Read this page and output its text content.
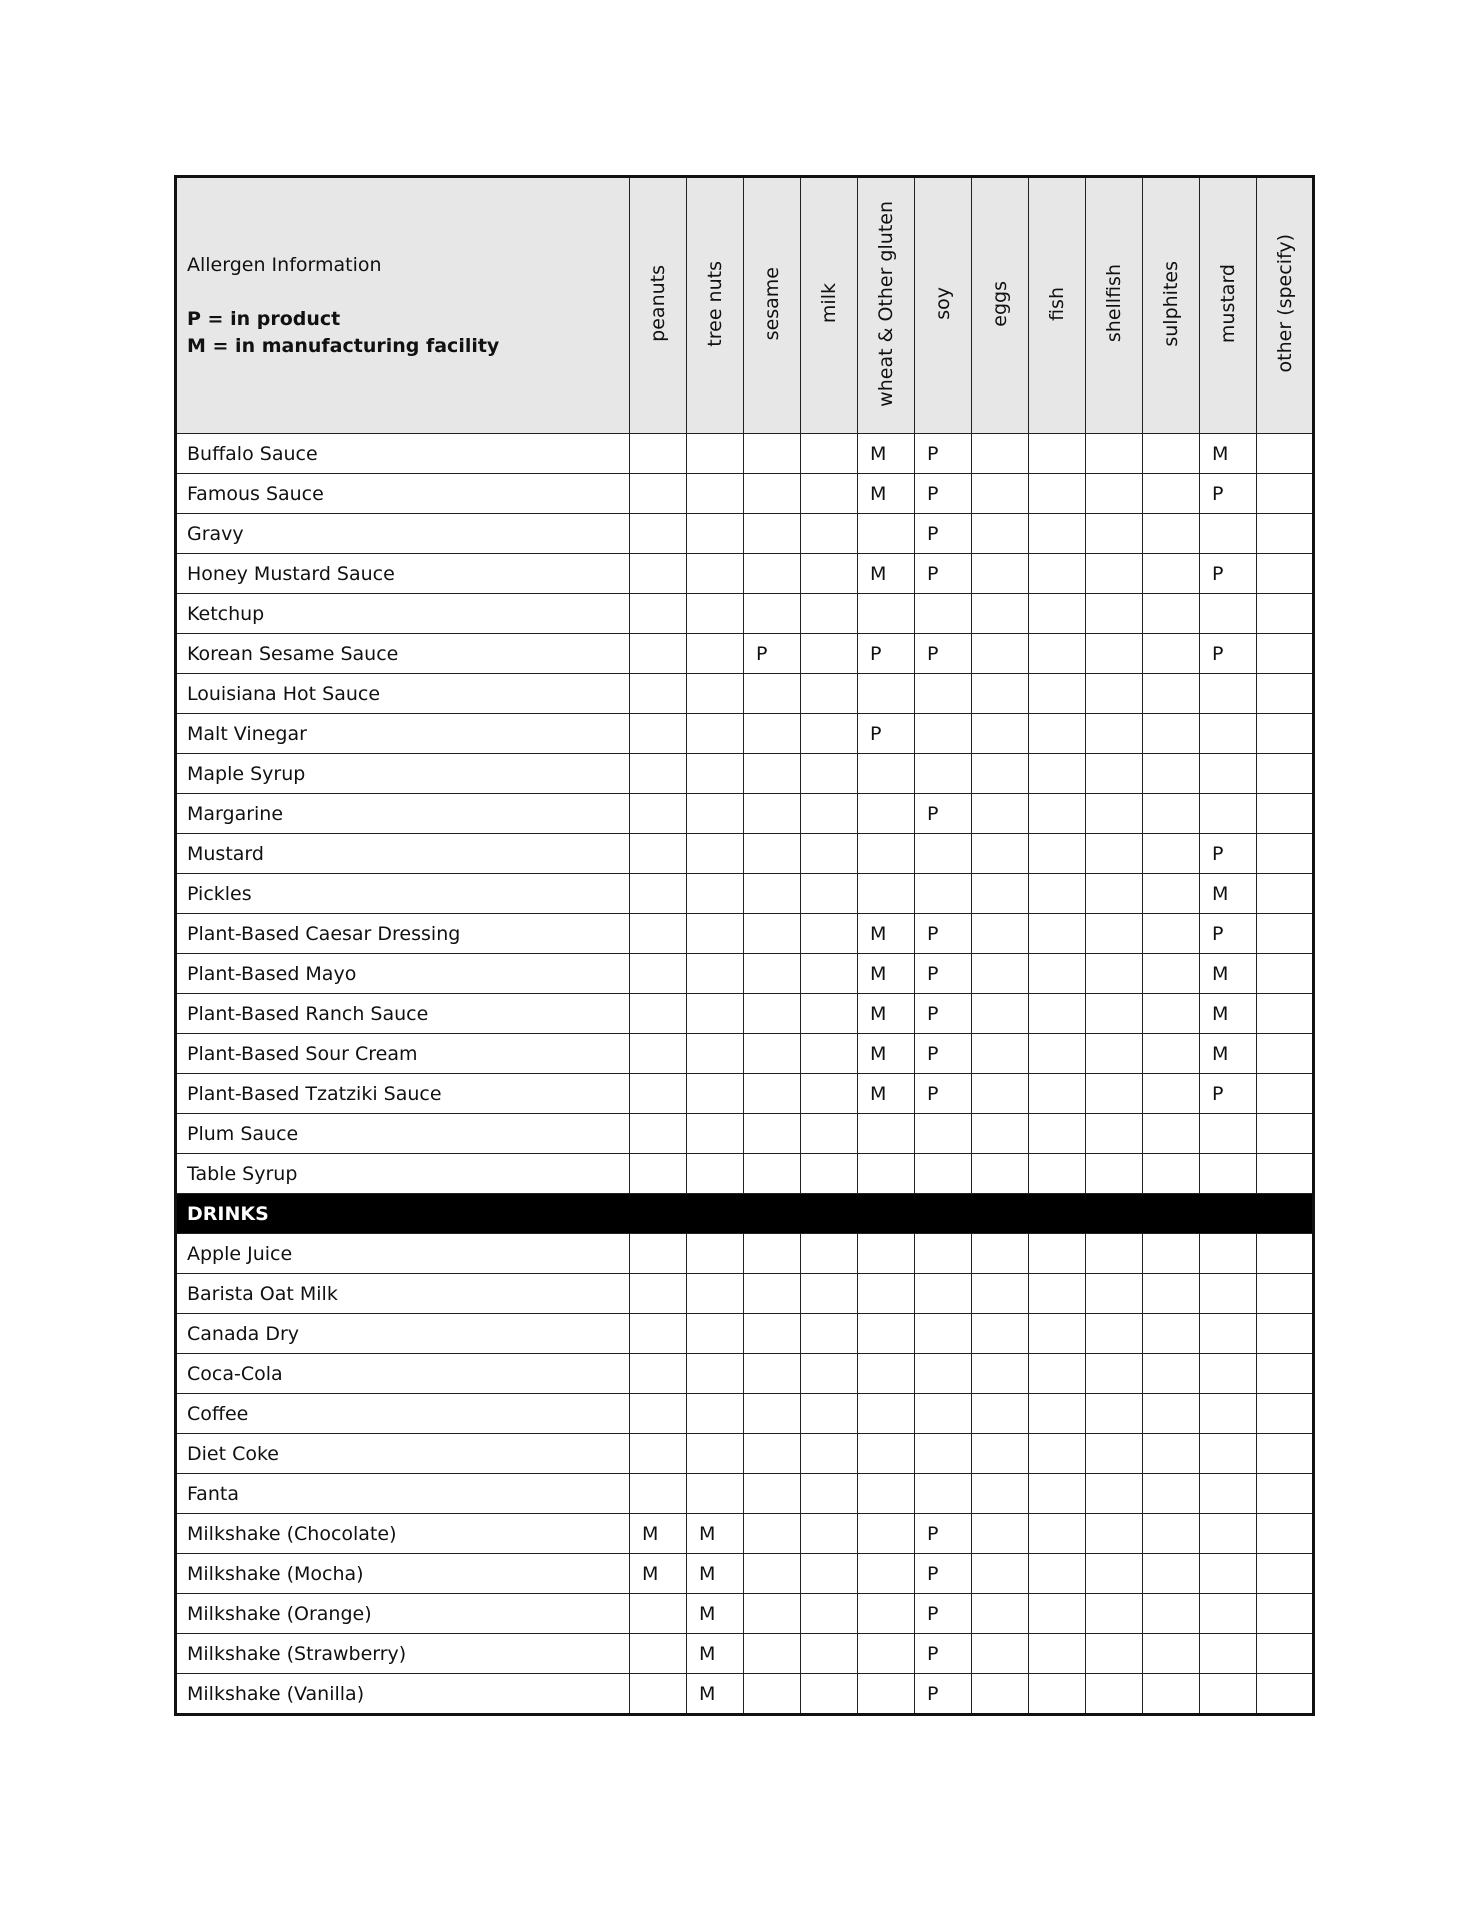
Allergen Information
P = in product
M = in manufacturing facility	peanuts	tree nuts	sesame	milk	wheat & Other gluten	soy	eggs	fish	shellfish	sulphites	mustard	other (specify)
Buffalo Sauce					M	P					M	
Famous Sauce					M	P					P	
Gravy						P						
Honey Mustard Sauce					M	P					P	
Ketchup												
Korean Sesame Sauce			P		P	P					P	
Louisiana Hot Sauce												
Malt Vinegar					P							
Maple Syrup												
Margarine						P						
Mustard											P	
Pickles											M	
Plant-Based Caesar Dressing					M	P					P	
Plant-Based Mayo					M	P					M	
Plant-Based Ranch Sauce					M	P					M	
Plant-Based Sour Cream					M	P					M	
Plant-Based Tzatziki Sauce					M	P					P	
Plum Sauce												
Table Syrup												
DRINKS												
Apple Juice												
Barista Oat Milk												
Canada Dry												
Coca-Cola												
Coffee												
Diet Coke												
Fanta												
Milkshake (Chocolate)	M	M				P						
Milkshake (Mocha)	M	M				P						
Milkshake (Orange)		M				P						
Milkshake (Strawberry)		M				P						
Milkshake (Vanilla)		M				P						
